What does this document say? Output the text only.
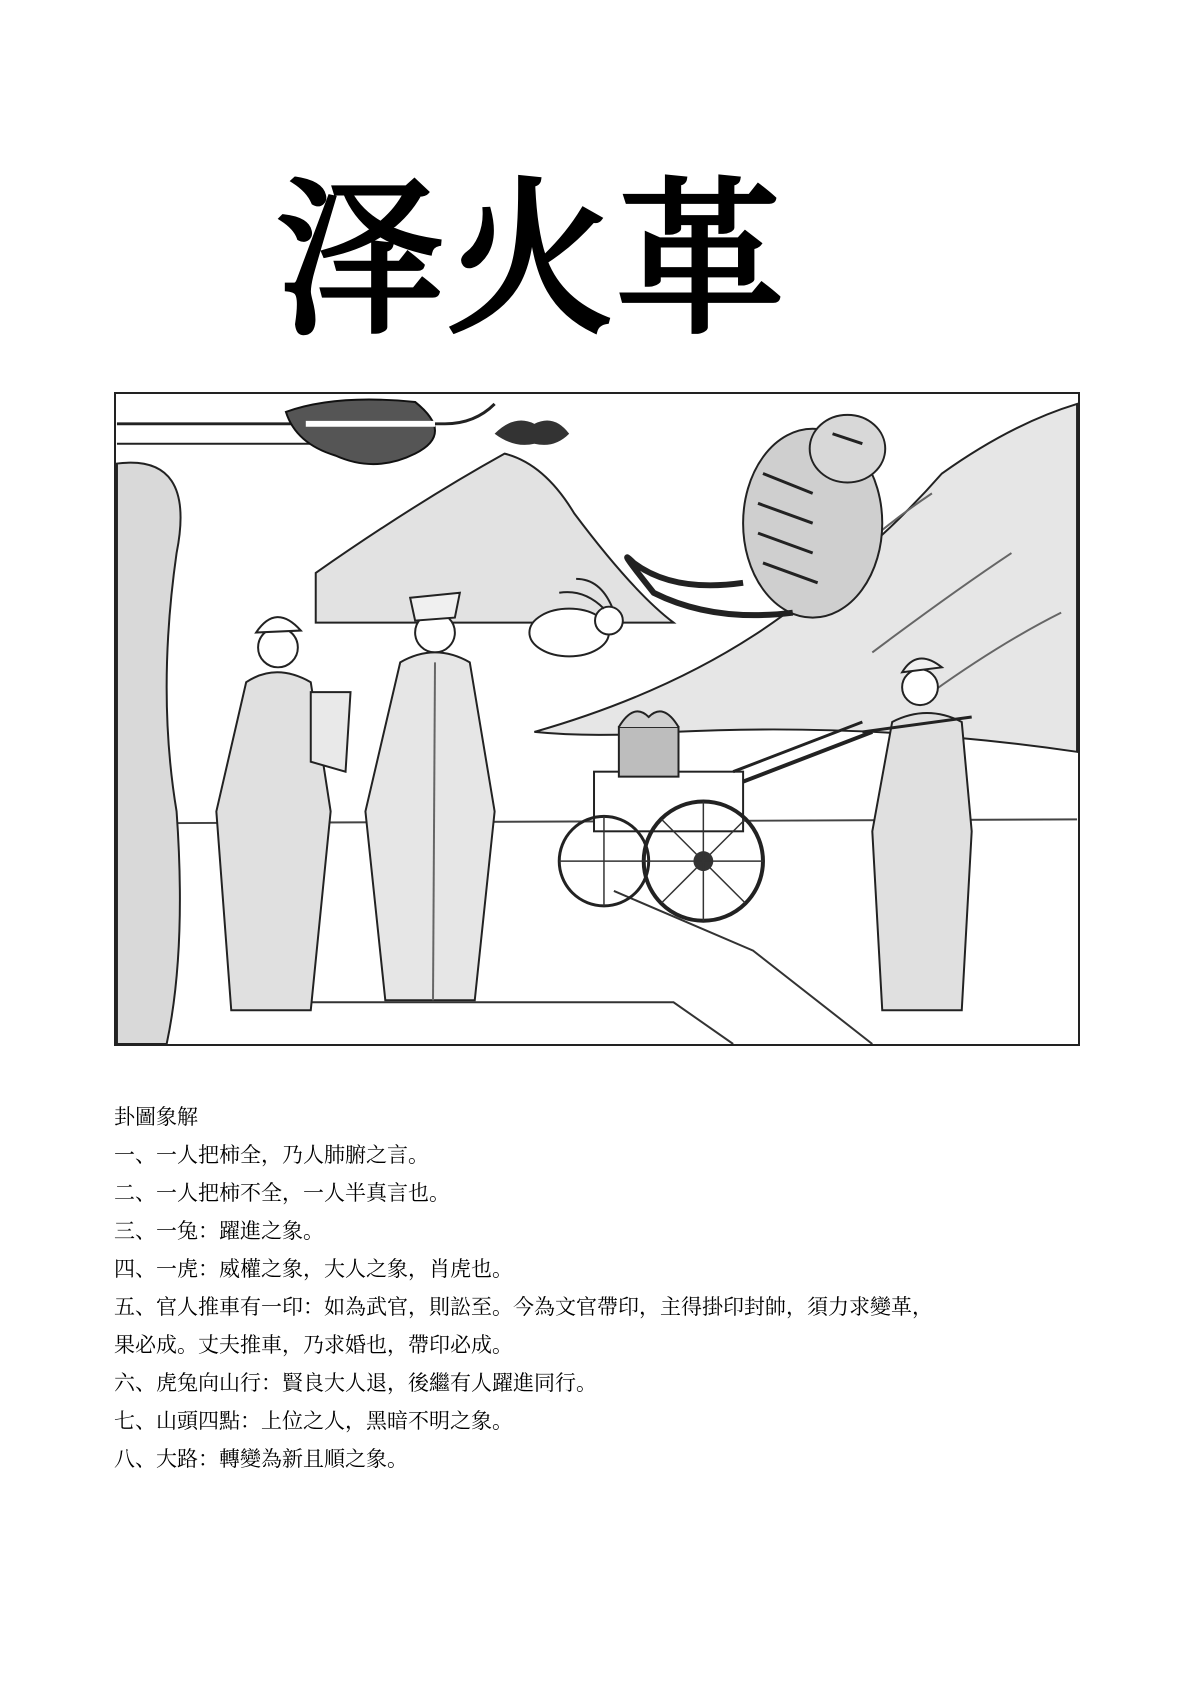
泽火革
卦圖象解
一、一人把柿全，乃人肺腑之言。
二、一人把柿不全，一人半真言也。
三、一兔：躍進之象。
四、一虎：威權之象，大人之象，肖虎也。
五、官人推車有一印：如為武官，則訟至。今為文官帶印，主得掛印封帥，須力求變革，
果必成。丈夫推車，乃求婚也，帶印必成。
六、虎兔向山行：賢良大人退，後繼有人躍進同行。
七、山頭四點：上位之人，黑暗不明之象。
八、大路：轉變為新且順之象。
